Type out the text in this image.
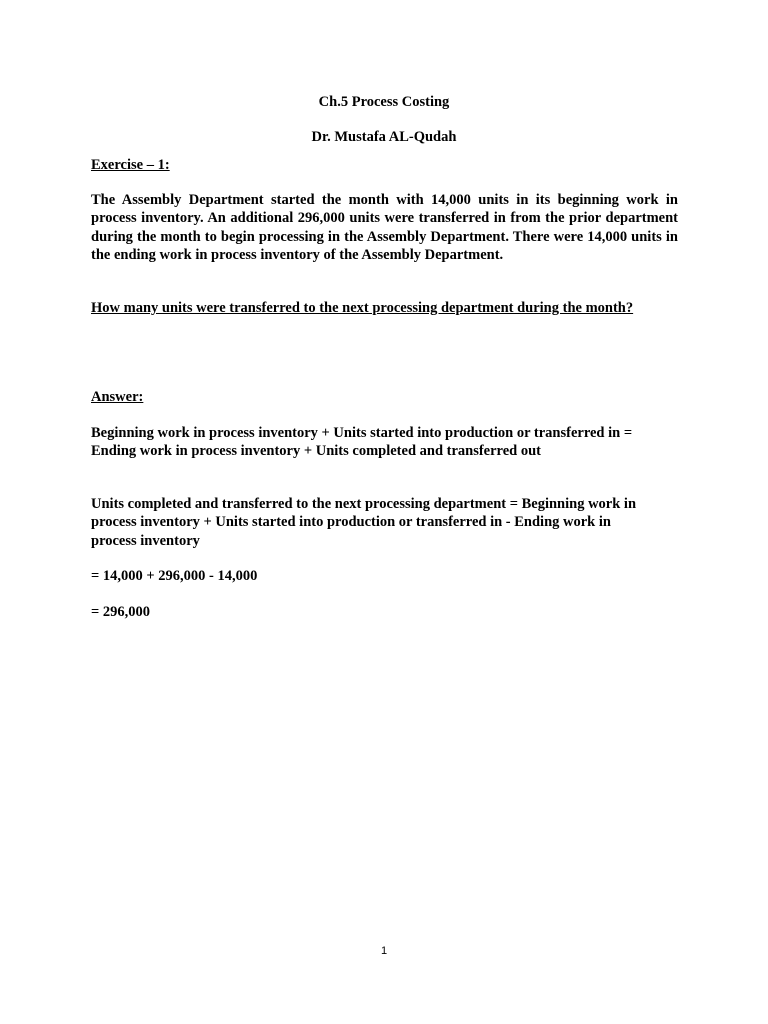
Ch.5 Process Costing

Dr. Mustafa AL-Qudah

Exercise – 1:

The Assembly Department started the month with 14,000 units in its beginning work in process inventory. An additional 296,000 units were transferred in from the prior department during the month to begin processing in the Assembly Department. There were 14,000 units in the ending work in process inventory of the Assembly Department.

How many units were transferred to the next processing department during the month?

Answer:

Beginning work in process inventory + Units started into production or transferred in =
Ending work in process inventory + Units completed and transferred out
Units completed and transferred to the next processing department = Beginning work in
process inventory + Units started into production or transferred in - Ending work in
process inventory

= 14,000 + 296,000 - 14,000

= 296,000

1
